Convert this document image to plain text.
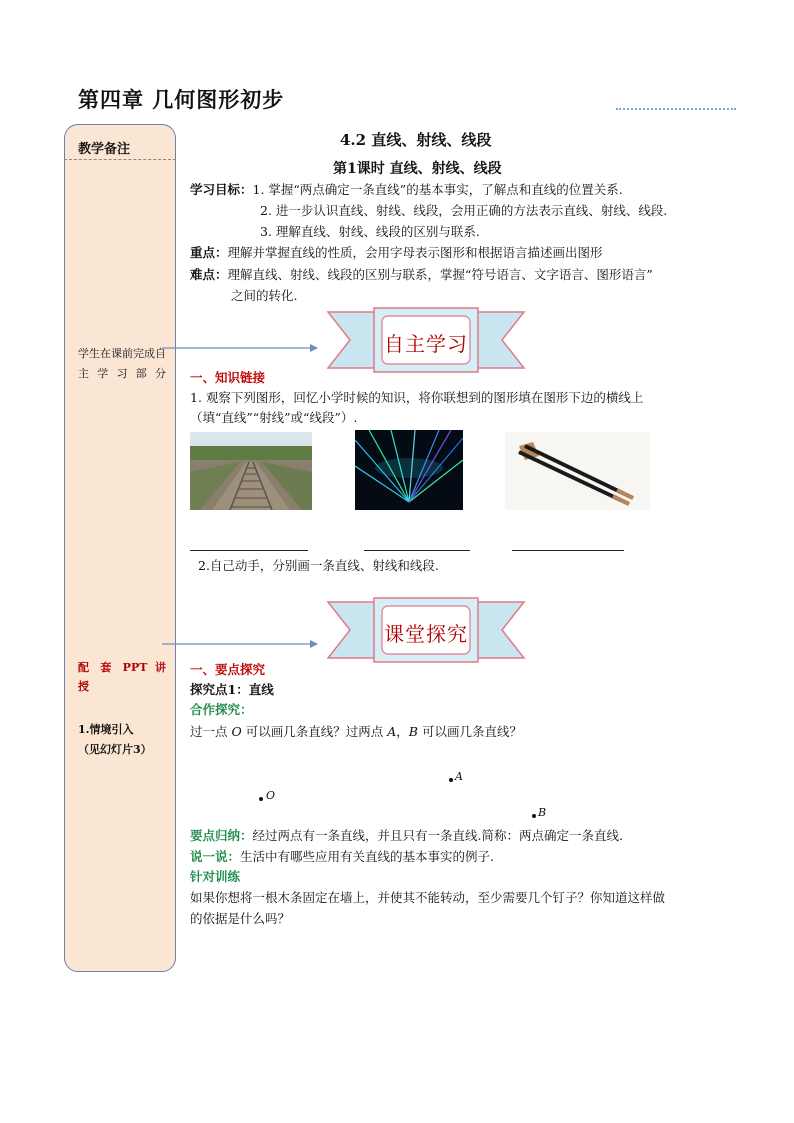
第四章 几何图形初步
教学备注
学生在课前完成自主学习部分
配 套 PPT 讲
授
1.情境引入
（见幻灯片3）
4.2 直线、射线、线段
第1课时 直线、射线、线段
学习目标：1. 掌握“两点确定一条直线”的基本事实，了解点和直线的位置关系.
2. 进一步认识直线、射线、线段，会用正确的方法表示直线、射线、线段.
3. 理解直线、射线、线段的区别与联系.
重点：理解并掌握直线的性质，会用字母表示图形和根据语言描述画出图形
难点：理解直线、射线、线段的区别与联系，掌握“符号语言、文字语言、图形语言”
之间的转化.
自主学习
一、知识链接
1. 观察下列图形，回忆小学时候的知识，将你联想到的图形填在图形下边的横线上
（填“直线”“射线”或“线段”）.
2.自己动手，分别画一条直线、射线和线段.
课堂探究
一、要点探究
探究点1：直线
合作探究：
过一点 O 可以画几条直线？过两点 A，B 可以画几条直线？
A
O
B
要点归纳：经过两点有一条直线，并且只有一条直线.简称：两点确定一条直线.
说一说：生活中有哪些应用有关直线的基本事实的例子.
针对训练
如果你想将一根木条固定在墙上，并使其不能转动，至少需要几个钉子？你知道这样做
的依据是什么吗？
